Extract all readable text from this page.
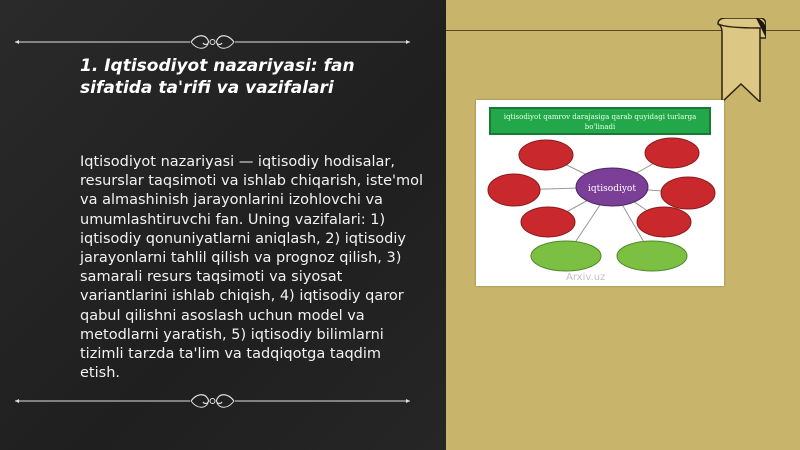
1. Iqtisodiyot nazariyasi: fan sifatida ta'rifi va vazifalari

Iqtisodiyot nazariyasi — iqtisodiy hodisalar, resurslar taqsimoti va ishlab chiqarish, iste'mol va almashinish jarayonlarini izohlovchi va umumlashtiruvchi fan. Uning vazifalari: 1) iqtisodiy qonuniyatlarni aniqlash, 2) iqtisodiy jarayonlarni tahlil qilish va prognoz qilish, 3) samarali resurs taqsimoti va siyosat variantlarini ishlab chiqish, 4) iqtisodiy qaror qabul qilishni asoslash uchun model va metodlarni yaratish, 5) iqtisodiy bilimlarni tizimli tarzda ta'lim va tadqiqotga taqdim etish.

iqtisodiyot qamrov darajasiga qarab quyidagi turlarga bo'linadi
iqtisodiyot
Arxiv.uz
